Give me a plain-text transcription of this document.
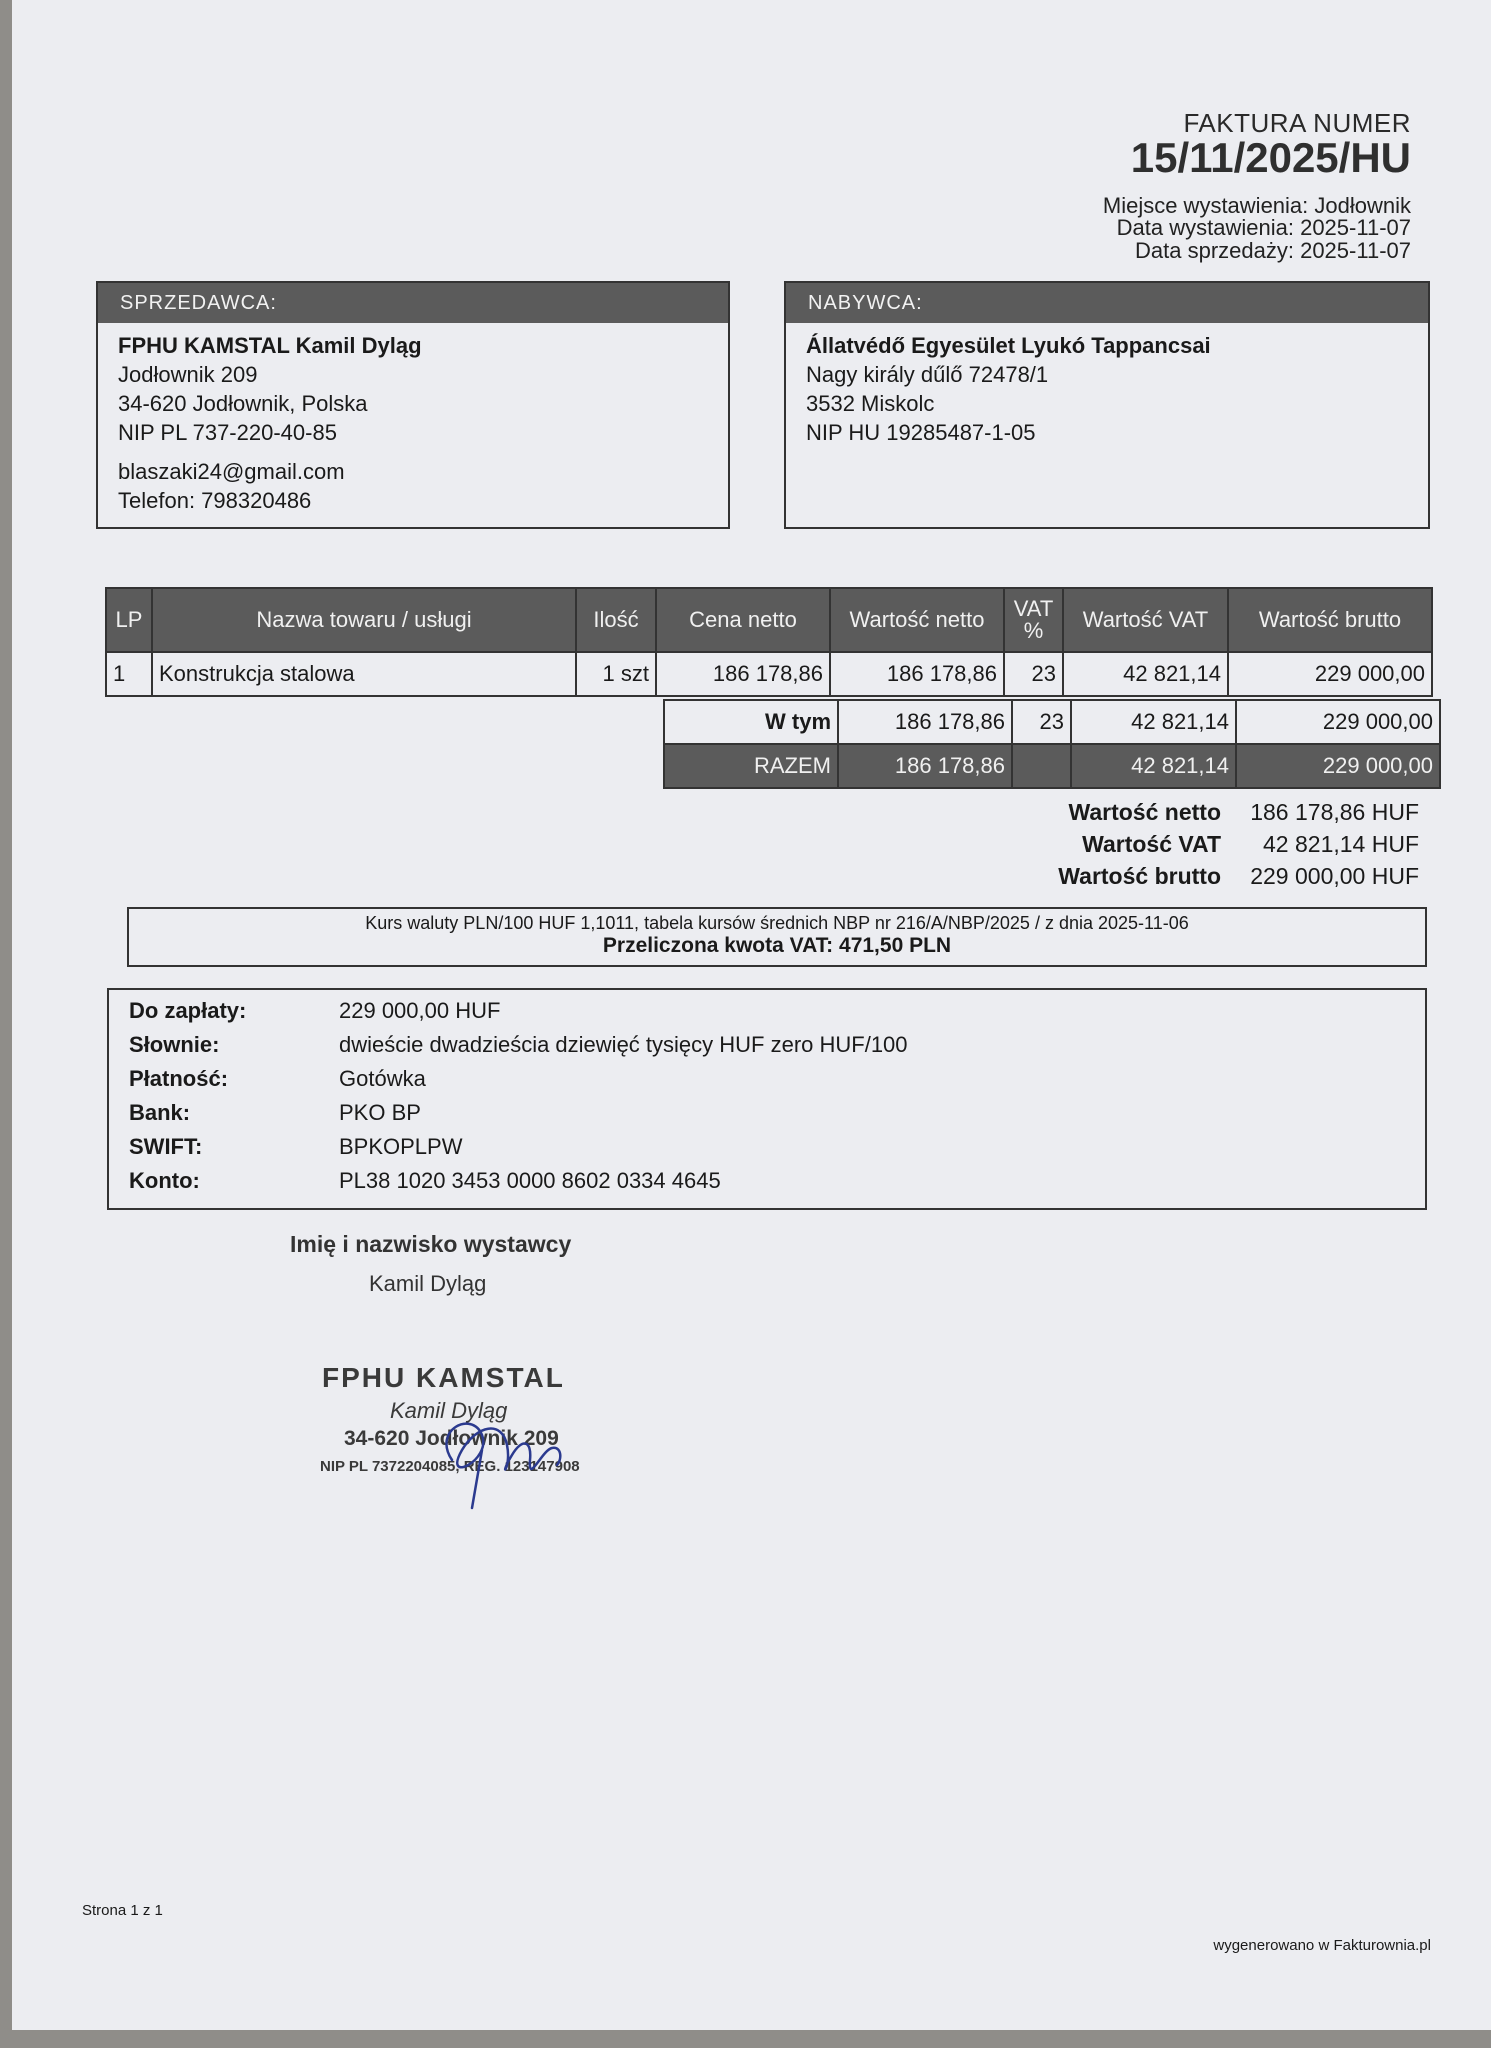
FAKTURA NUMER
15/11/2025/HU
Miejsce wystawienia: Jodłownik
Data wystawienia: 2025-11-07
Data sprzedaży: 2025-11-07
SPRZEDAWCA:
FPHU KAMSTAL Kamil Dyląg
Jodłownik 209
34-620 Jodłownik, Polska
NIP PL 737-220-40-85
blaszaki24@gmail.com
Telefon: 798320486
NABYWCA:
Állatvédő Egyesület Lyukó Tappancsai
Nagy király dűlő 72478/1
3532 Miskolc
NIP HU 19285487-1-05
LP	Nazwa towaru / usługi	Ilość	Cena netto	Wartość netto	VAT %	Wartość VAT	Wartość brutto
1	Konstrukcja stalowa	1 szt	186 178,86	186 178,86	23	42 821,14	229 000,00
W tym	186 178,86	23	42 821,14	229 000,00
RAZEM	186 178,86		42 821,14	229 000,00
Wartość netto 186 178,86 HUF
Wartość VAT 42 821,14 HUF
Wartość brutto 229 000,00 HUF
Kurs waluty PLN/100 HUF 1,1011, tabela kursów średnich NBP nr 216/A/NBP/2025 / z dnia 2025-11-06
Przeliczona kwota VAT: 471,50 PLN
Do zapłaty:	229 000,00 HUF
Słownie:	dwieście dwadzieścia dziewięć tysięcy HUF zero HUF/100
Płatność:	Gotówka
Bank:	PKO BP
SWIFT:	BPKOPLPW
Konto:	PL38 1020 3453 0000 8602 0334 4645
Imię i nazwisko wystawcy
Kamil Dyląg
FPHU KAMSTAL
Kamil Dyląg
34-620 Jodłownik 209
NIP PL 7372204085, REG. 123147908
Strona 1 z 1
wygenerowano w Fakturownia.pl
